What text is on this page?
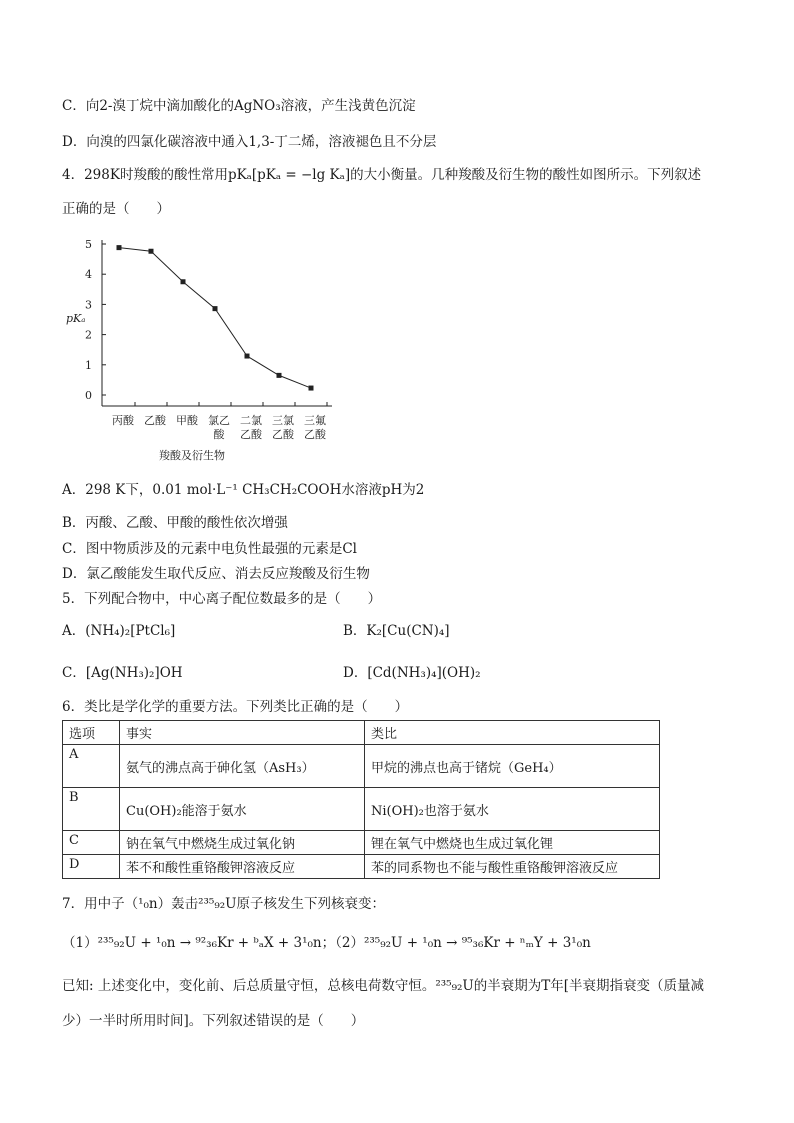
C．向2-溴丁烷中滴加酸化的AgNO₃溶液，产生浅黄色沉淀
D．向溴的四氯化碳溶液中通入1,3-丁二烯，溶液褪色且不分层
4．298K时羧酸的酸性常用pKₐ[pKₐ = −lg Kₐ]的大小衡量。几种羧酸及衍生物的酸性如图所示。下列叙述
正确的是（　　）
0
1
2
3
4
5
pKₐ
丙酸 乙酸 甲酸 氯乙
酸
二氯
乙酸
三氯
乙酸
三氟
乙酸
羧酸及衍生物
A．298 K下，0.01 mol·L⁻¹ CH₃CH₂COOH水溶液pH为2
B．丙酸、乙酸、甲酸的酸性依次增强
C．图中物质涉及的元素中电负性最强的元素是Cl
D．氯乙酸能发生取代反应、消去反应羧酸及衍生物
5．下列配合物中，中心离子配位数最多的是（　　）
A．(NH₄)₂[PtCl₆]	B．K₂[Cu(CN)₄]
C．[Ag(NH₃)₂]OH	D．[Cd(NH₃)₄](OH)₂
6．类比是学化学的重要方法。下列类比正确的是（　　）
选项	事实	类比
A	氨气的沸点高于砷化氢（AsH₃）	甲烷的沸点也高于锗烷（GeH₄）
B	Cu(OH)₂能溶于氨水	Ni(OH)₂也溶于氨水
C	钠在氧气中燃烧生成过氧化钠	锂在氧气中燃烧也生成过氧化锂
D	苯不和酸性重铬酸钾溶液反应	苯的同系物也不能与酸性重铬酸钾溶液反应
7．用中子（¹₀n）轰击²³⁵₉₂U原子核发生下列核衰变：
（1）²³⁵₉₂U + ¹₀n → ⁹²₃₆Kr + ᵇₐX + 3¹₀n；（2）²³⁵₉₂U + ¹₀n → ⁹⁵₃₆Kr + ⁿₘY + 3¹₀n
已知: 上述变化中，变化前、后总质量守恒，总核电荷数守恒。²³⁵₉₂U的半衰期为T年[半衰期指衰变（质量减
少）一半时所用时间]。下列叙述错误的是（　　）
